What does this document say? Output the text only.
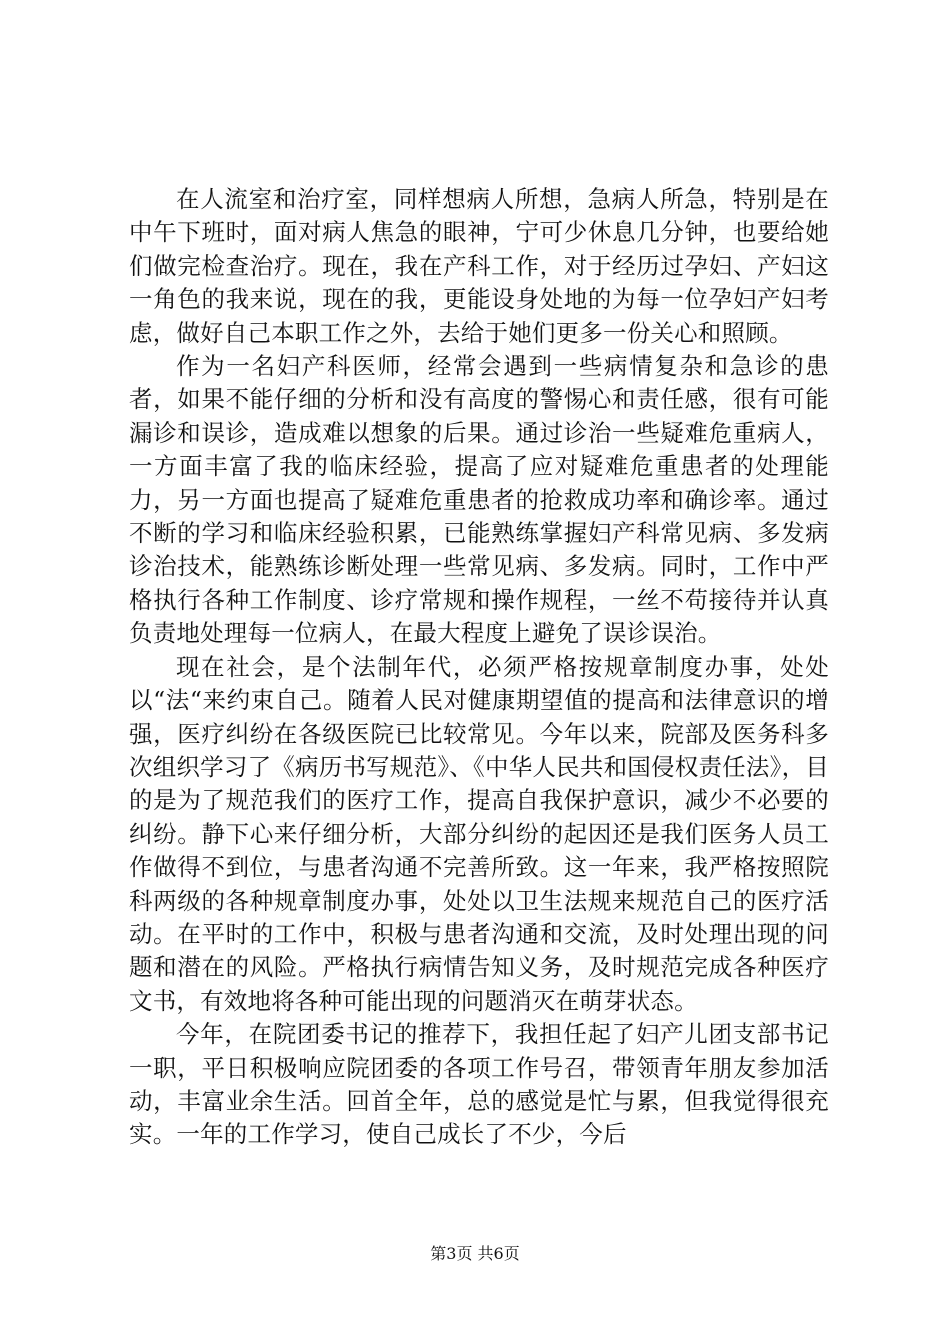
在人流室和治疗室，同样想病人所想，急病人所急，特别是在中午下班时，面对病人焦急的眼神，宁可少休息几分钟，也要给她们做完检查治疗。现在，我在产科工作，对于经历过孕妇、产妇这一角色的我来说，现在的我，更能设身处地的为每一位孕妇产妇考虑，做好自己本职工作之外，去给于她们更多一份关心和照顾。

作为一名妇产科医师，经常会遇到一些病情复杂和急诊的患者，如果不能仔细的分析和没有高度的警惕心和责任感，很有可能漏诊和误诊，造成难以想象的后果。通过诊治一些疑难危重病人，一方面丰富了我的临床经验，提高了应对疑难危重患者的处理能力，另一方面也提高了疑难危重患者的抢救成功率和确诊率。通过不断的学习和临床经验积累，已能熟练掌握妇产科常见病、多发病诊治技术，能熟练诊断处理一些常见病、多发病。同时，工作中严格执行各种工作制度、诊疗常规和操作规程，一丝不苟接待并认真负责地处理每一位病人，在最大程度上避免了误诊误治。

现在社会，是个法制年代，必须严格按规章制度办事，处处以“法“来约束自己。随着人民对健康期望值的提高和法律意识的增强，医疗纠纷在各级医院已比较常见。今年以来，院部及医务科多次组织学习了《病历书写规范》、《中华人民共和国侵权责任法》，目的是为了规范我们的医疗工作，提高自我保护意识，减少不必要的纠纷。静下心来仔细分析，大部分纠纷的起因还是我们医务人员工作做得不到位，与患者沟通不完善所致。这一年来，我严格按照院科两级的各种规章制度办事，处处以卫生法规来规范自己的医疗活动。在平时的工作中，积极与患者沟通和交流，及时处理出现的问题和潜在的风险。严格执行病情告知义务，及时规范完成各种医疗文书，有效地将各种可能出现的问题消灭在萌芽状态。

今年，在院团委书记的推荐下，我担任起了妇产儿团支部书记一职，平日积极响应院团委的各项工作号召，带领青年朋友参加活动，丰富业余生活。回首全年，总的感觉是忙与累，但我觉得很充实。一年的工作学习，使自己成长了不少，今后

第3页 共6页
